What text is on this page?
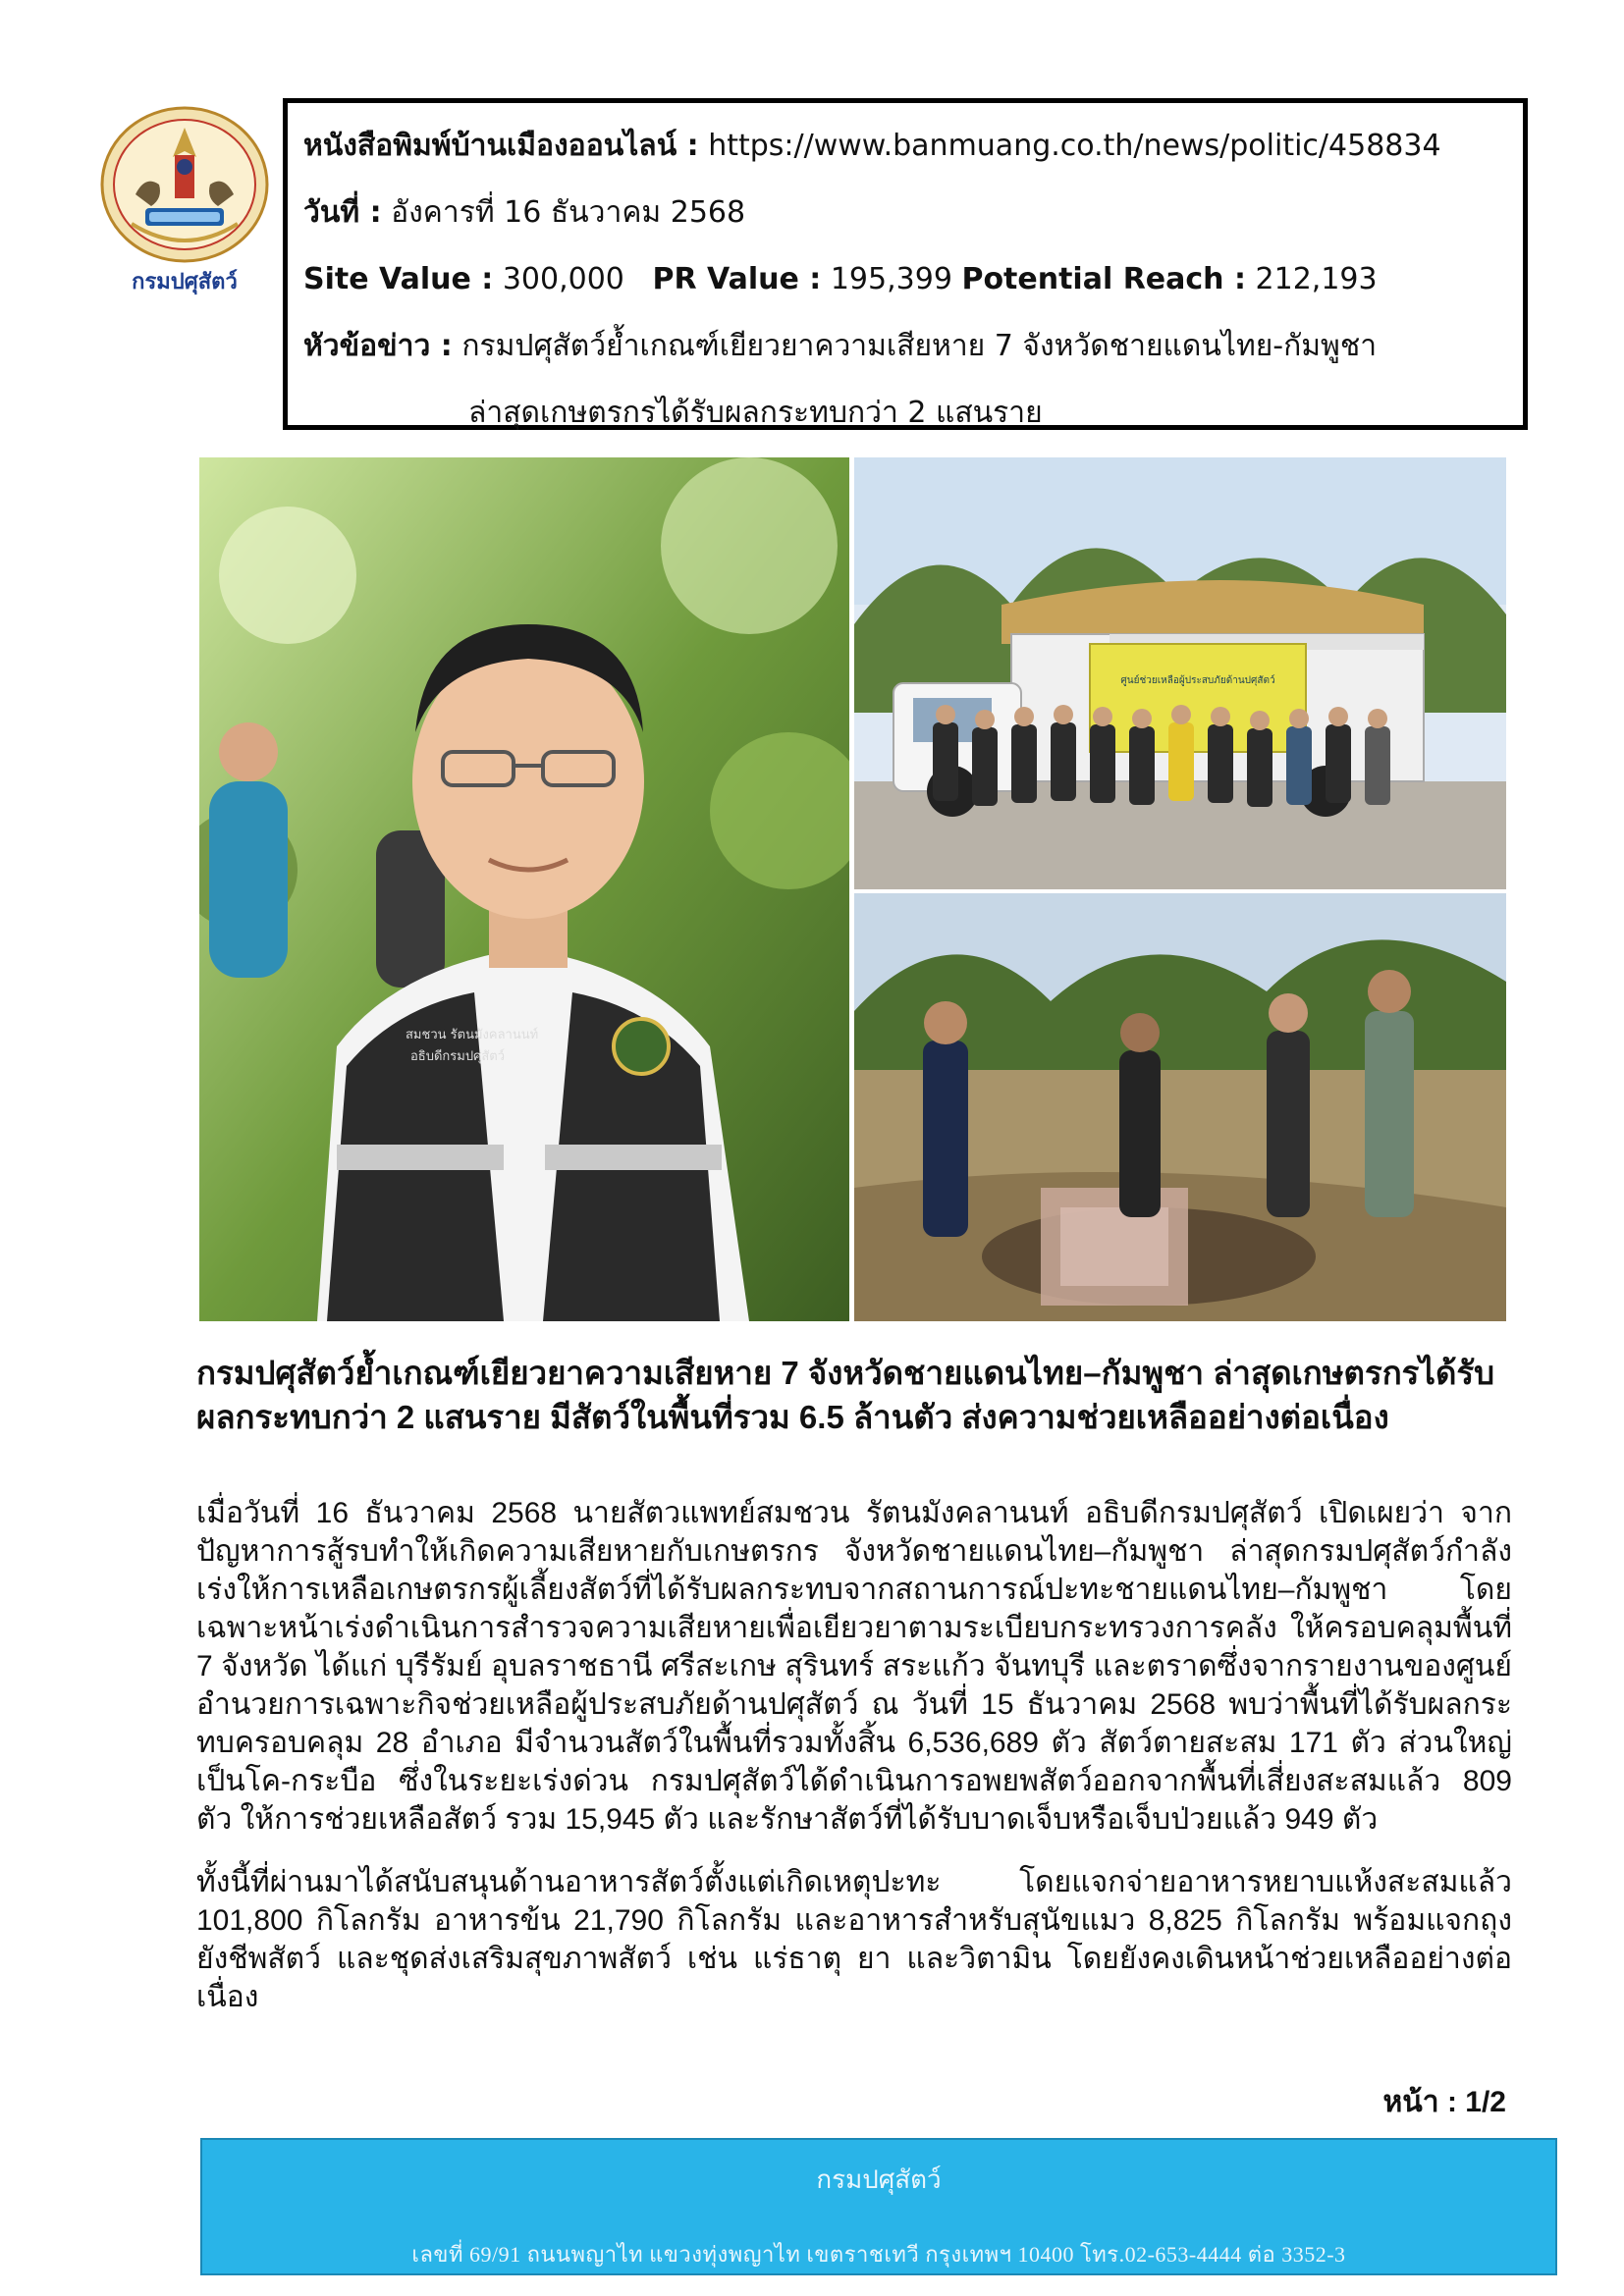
กรมปศุสัตว์
หนังสือพิมพ์บ้านเมืองออนไลน์ : https://www.banmuang.co.th/news/politic/458834
วันที่ : อังคารที่ 16 ธันวาคม 2568
Site Value : 300,000 PR Value : 195,399 Potential Reach : 212,193
หัวข้อข่าว : กรมปศุสัตว์ย้ำเกณฑ์เยียวยาความเสียหาย 7 จังหวัดชายแดนไทย-กัมพูชา
ล่าสุดเกษตรกรได้รับผลกระทบกว่า 2 แสนราย
สมชวน รัตนมังคลานนท์
อธิบดีกรมปศุสัตว์
ศูนย์ช่วยเหลือผู้ประสบภัยด้านปศุสัตว์
กรมปศุสัตว์ย้ำเกณฑ์เยียวยาความเสียหาย 7 จังหวัดชายแดนไทย–กัมพูชา ล่าสุดเกษตรกรได้รับผลกระทบกว่า 2 แสนราย มีสัตว์ในพื้นที่รวม 6.5 ล้านตัว ส่งความช่วยเหลืออย่างต่อเนื่อง
เมื่อวันที่ 16 ธันวาคม 2568 นายสัตวแพทย์สมชวน รัตนมังคลานนท์ อธิบดีกรมปศุสัตว์ เปิดเผยว่า จากปัญหาการสู้รบทำให้เกิดความเสียหายกับเกษตรกร จังหวัดชายแดนไทย–กัมพูชา ล่าสุดกรมปศุสัตว์กำลังเร่งให้การเหลือเกษตรกรผู้เลี้ยงสัตว์ที่ได้รับผลกระทบจากสถานการณ์ปะทะชายแดนไทย–กัมพูชา โดยเฉพาะหน้าเร่งดำเนินการสำรวจความเสียหายเพื่อเยียวยาตามระเบียบกระทรวงการคลัง ให้ครอบคลุมพื้นที่ 7 จังหวัด ได้แก่ บุรีรัมย์ อุบลราชธานี ศรีสะเกษ สุรินทร์ สระแก้ว จันทบุรี และตราดซึ่งจากรายงานของศูนย์อำนวยการเฉพาะกิจช่วยเหลือผู้ประสบภัยด้านปศุสัตว์ ณ วันที่ 15 ธันวาคม 2568 พบว่าพื้นที่ได้รับผลกระทบครอบคลุม 28 อำเภอ มีจำนวนสัตว์ในพื้นที่รวมทั้งสิ้น 6,536,689 ตัว สัตว์ตายสะสม 171 ตัว ส่วนใหญ่ เป็นโค-กระบือ ซึ่งในระยะเร่งด่วน กรมปศุสัตว์ได้ดำเนินการอพยพสัตว์ออกจากพื้นที่เสี่ยงสะสมแล้ว 809 ตัว ให้การช่วยเหลือสัตว์ รวม 15,945 ตัว และรักษาสัตว์ที่ได้รับบาดเจ็บหรือเจ็บป่วยแล้ว 949 ตัว
ทั้งนี้ที่ผ่านมาได้สนับสนุนด้านอาหารสัตว์ตั้งแต่เกิดเหตุปะทะ โดยแจกจ่ายอาหารหยาบแห้งสะสมแล้ว 101,800 กิโลกรัม อาหารข้น 21,790 กิโลกรัม และอาหารสำหรับสุนัขแมว 8,825 กิโลกรัม พร้อมแจกถุงยังชีพสัตว์ และชุดส่งเสริมสุขภาพสัตว์ เช่น แร่ธาตุ ยา และวิตามิน โดยยังคงเดินหน้าช่วยเหลืออย่างต่อเนื่อง
หน้า : 1/2
กรมปศุสัตว์
เลขที่ 69/91 ถนนพญาไท แขวงทุ่งพญาไท เขตราชเทวี กรุงเทพฯ 10400 โทร.02-653-4444 ต่อ 3352-3
